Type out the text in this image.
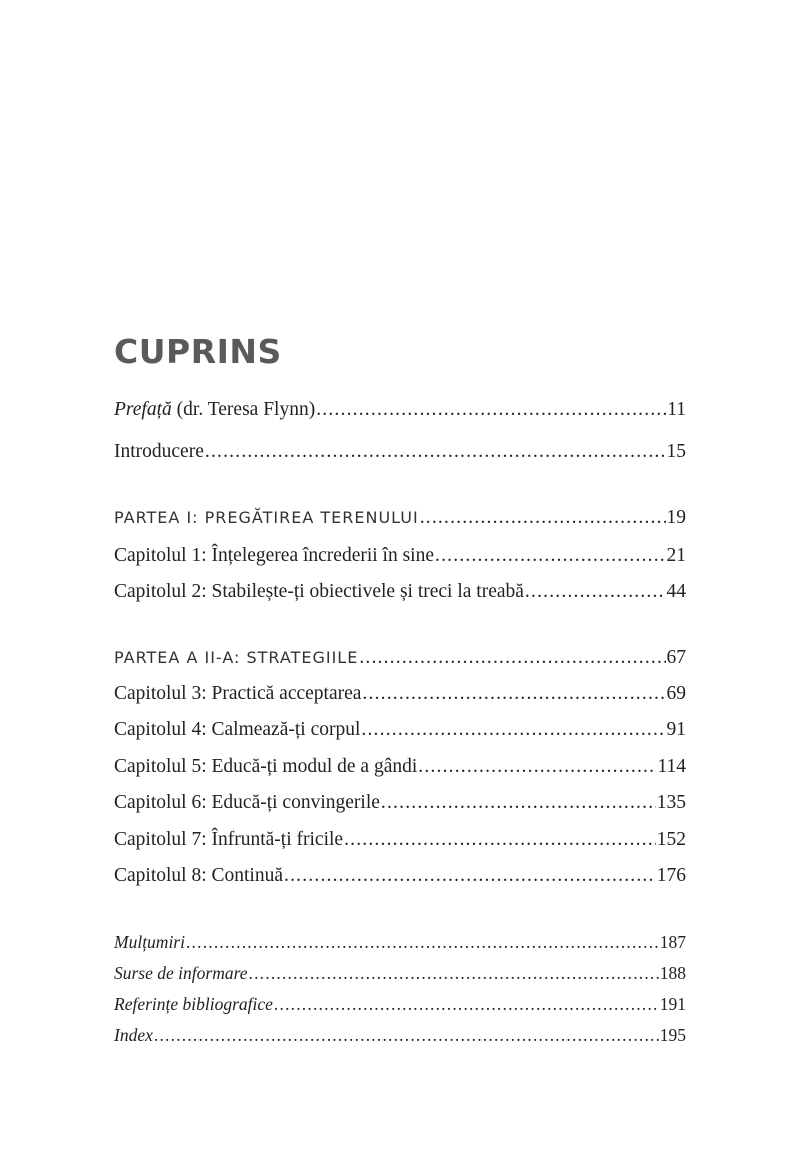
CUPRINS
Prefață (dr. Teresa Flynn) .....	11
Introducere .....	15
PARTEA I: PREGĂTIREA TERENULUI .....	19
Capitolul 1: Înțelegerea încrederii în sine .....	21
Capitolul 2: Stabilește-ți obiectivele și treci la treabă .....	44
PARTEA A II-A: STRATEGIILE .....	67
Capitolul 3: Practică acceptarea .....	69
Capitolul 4: Calmează-ți corpul .....	91
Capitolul 5: Educă-ți modul de a gândi .....	114
Capitolul 6: Educă-ți convingerile .....	135
Capitolul 7: Înfruntă-ți fricile .....	152
Capitolul 8: Continuă .....	176
Mulțumiri .....	187
Surse de informare .....	188
Referințe bibliografice .....	191
Index .....	195
